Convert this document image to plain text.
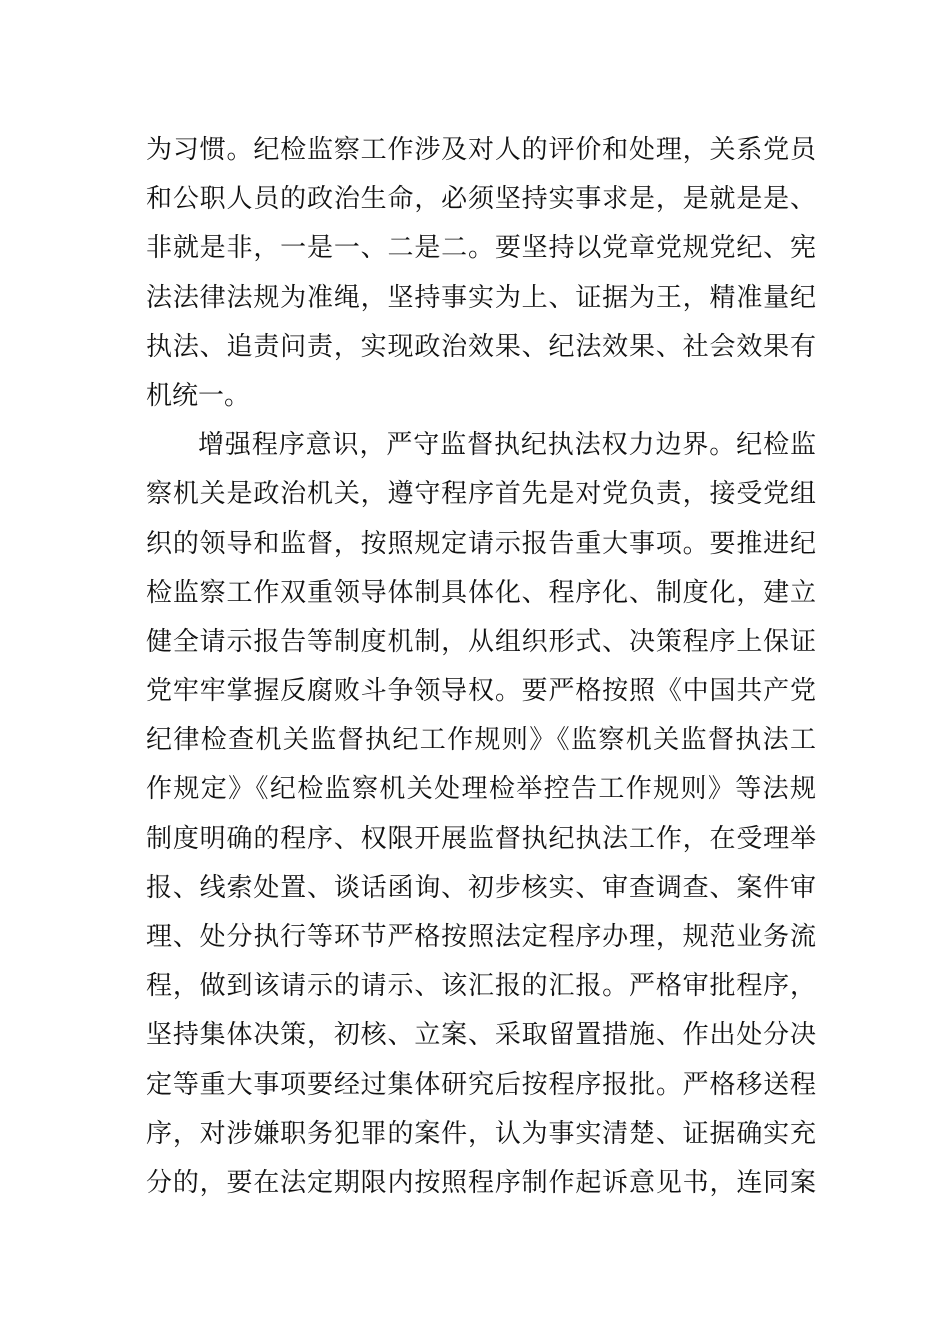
为习惯。纪检监察工作涉及对人的评价和处理，关系党员
和公职人员的政治生命，必须坚持实事求是，是就是是、
非就是非，一是一、二是二。要坚持以党章党规党纪、宪
法法律法规为准绳，坚持事实为上、证据为王，精准量纪
执法、追责问责，实现政治效果、纪法效果、社会效果有
机统一。
增强程序意识，严守监督执纪执法权力边界。纪检监
察机关是政治机关，遵守程序首先是对党负责，接受党组
织的领导和监督，按照规定请示报告重大事项。要推进纪
检监察工作双重领导体制具体化、程序化、制度化，建立
健全请示报告等制度机制，从组织形式、决策程序上保证
党牢牢掌握反腐败斗争领导权。要严格按照《中国共产党
纪律检查机关监督执纪工作规则》《监察机关监督执法工
作规定》《纪检监察机关处理检举控告工作规则》等法规
制度明确的程序、权限开展监督执纪执法工作，在受理举
报、线索处置、谈话函询、初步核实、审查调查、案件审
理、处分执行等环节严格按照法定程序办理，规范业务流
程，做到该请示的请示、该汇报的汇报。严格审批程序，
坚持集体决策，初核、立案、采取留置措施、作出处分决
定等重大事项要经过集体研究后按程序报批。严格移送程
序，对涉嫌职务犯罪的案件，认为事实清楚、证据确实充
分的，要在法定期限内按照程序制作起诉意见书，连同案
